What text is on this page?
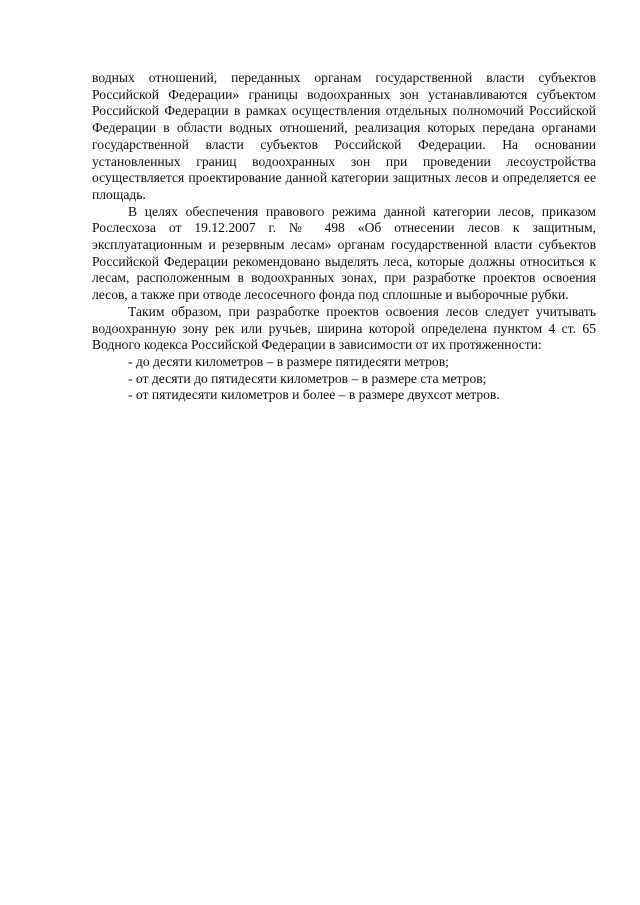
водных отношений, переданных органам государственной власти субъектов Российской Федерации» границы водоохранных зон устанавливаются субъектом Российской Федерации в рамках осуществления отдельных полномочий Российской Федерации в области водных отношений, реализация которых передана органами государственной власти субъектов Российской Федерации. На основании установленных границ водоохранных зон при проведении лесоустройства осуществляется проектирование данной категории защитных лесов и определяется ее площадь.

В целях обеспечения правового режима данной категории лесов, приказом Рослесхоза от 19.12.2007 г. № 498 «Об отнесении лесов к защитным, эксплуатационным и резервным лесам» органам государственной власти субъектов Российской Федерации рекомендовано выделять леса, которые должны относиться к лесам, расположенным в водоохранных зонах, при разработке проектов освоения лесов, а также при отводе лесосечного фонда под сплошные и выборочные рубки.

Таким образом, при разработке проектов освоения лесов следует учитывать водоохранную зону рек или ручьев, ширина которой определена пунктом 4 ст. 65 Водного кодекса Российской Федерации в зависимости от их протяженности:

- до десяти километров – в размере пятидесяти метров;
- от десяти до пятидесяти километров – в размере ста метров;
- от пятидесяти километров и более – в размере двухсот метров.
